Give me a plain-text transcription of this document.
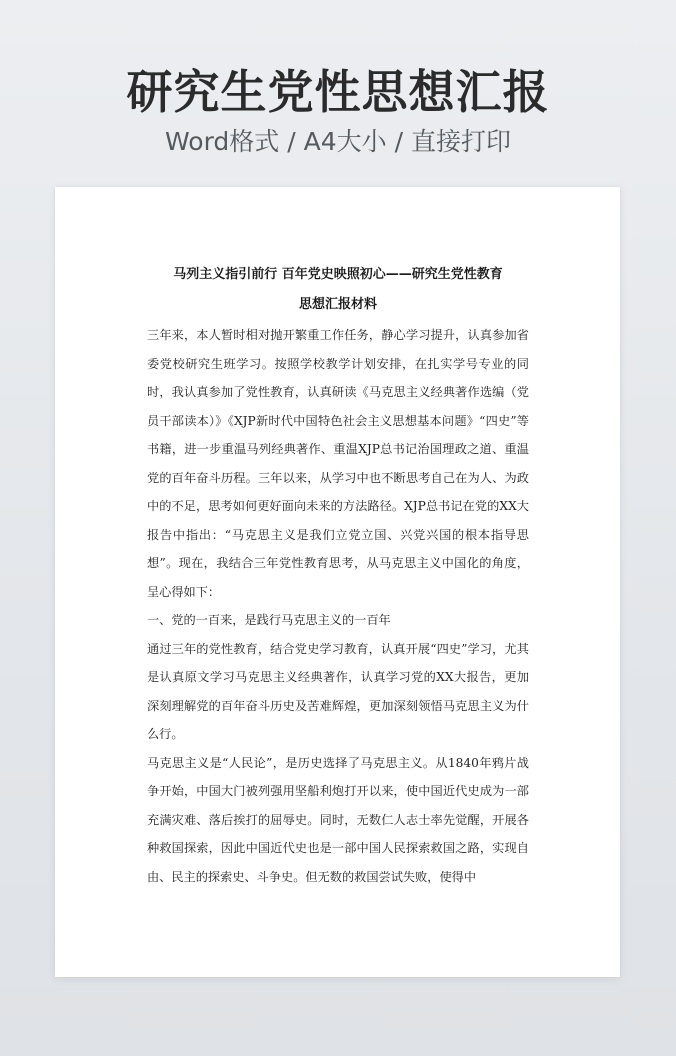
研究生党性思想汇报
Word格式 / A4大小 / 直接打印
马列主义指引前行 百年党史映照初心——研究生党性教育
思想汇报材料

三年来，本人暂时相对抛开繁重工作任务，静心学习提升，认真参加省委党校研究生班学习。按照学校教学计划安排，在扎实学号专业的同时，我认真参加了党性教育，认真研读《马克思主义经典著作选编（党员干部读本）》《XJP新时代中国特色社会主义思想基本问题》“四史”等书籍，进一步重温马列经典著作、重温XJP总书记治国理政之道、重温党的百年奋斗历程。三年以来，从学习中也不断思考自己在为人、为政中的不足，思考如何更好面向未来的方法路径。XJP总书记在党的XX大报告中指出：“马克思主义是我们立党立国、兴党兴国的根本指导思想”。现在，我结合三年党性教育思考，从马克思主义中国化的角度，呈心得如下：

一、党的一百来，是践行马克思主义的一百年

通过三年的党性教育，结合党史学习教育，认真开展“四史”学习，尤其是认真原文学习马克思主义经典著作，认真学习党的XX大报告，更加深刻理解党的百年奋斗历史及苦难辉煌，更加深刻领悟马克思主义为什么行。

马克思主义是“人民论”，是历史选择了马克思主义。从1840年鸦片战争开始，中国大门被列强用坚船利炮打开以来，使中国近代史成为一部充满灾难、落后挨打的屈辱史。同时，无数仁人志士率先觉醒，开展各种救国探索，因此中国近代史也是一部中国人民探索救国之路，实现自由、民主的探索史、斗争史。但无数的救国尝试失败，使得中
